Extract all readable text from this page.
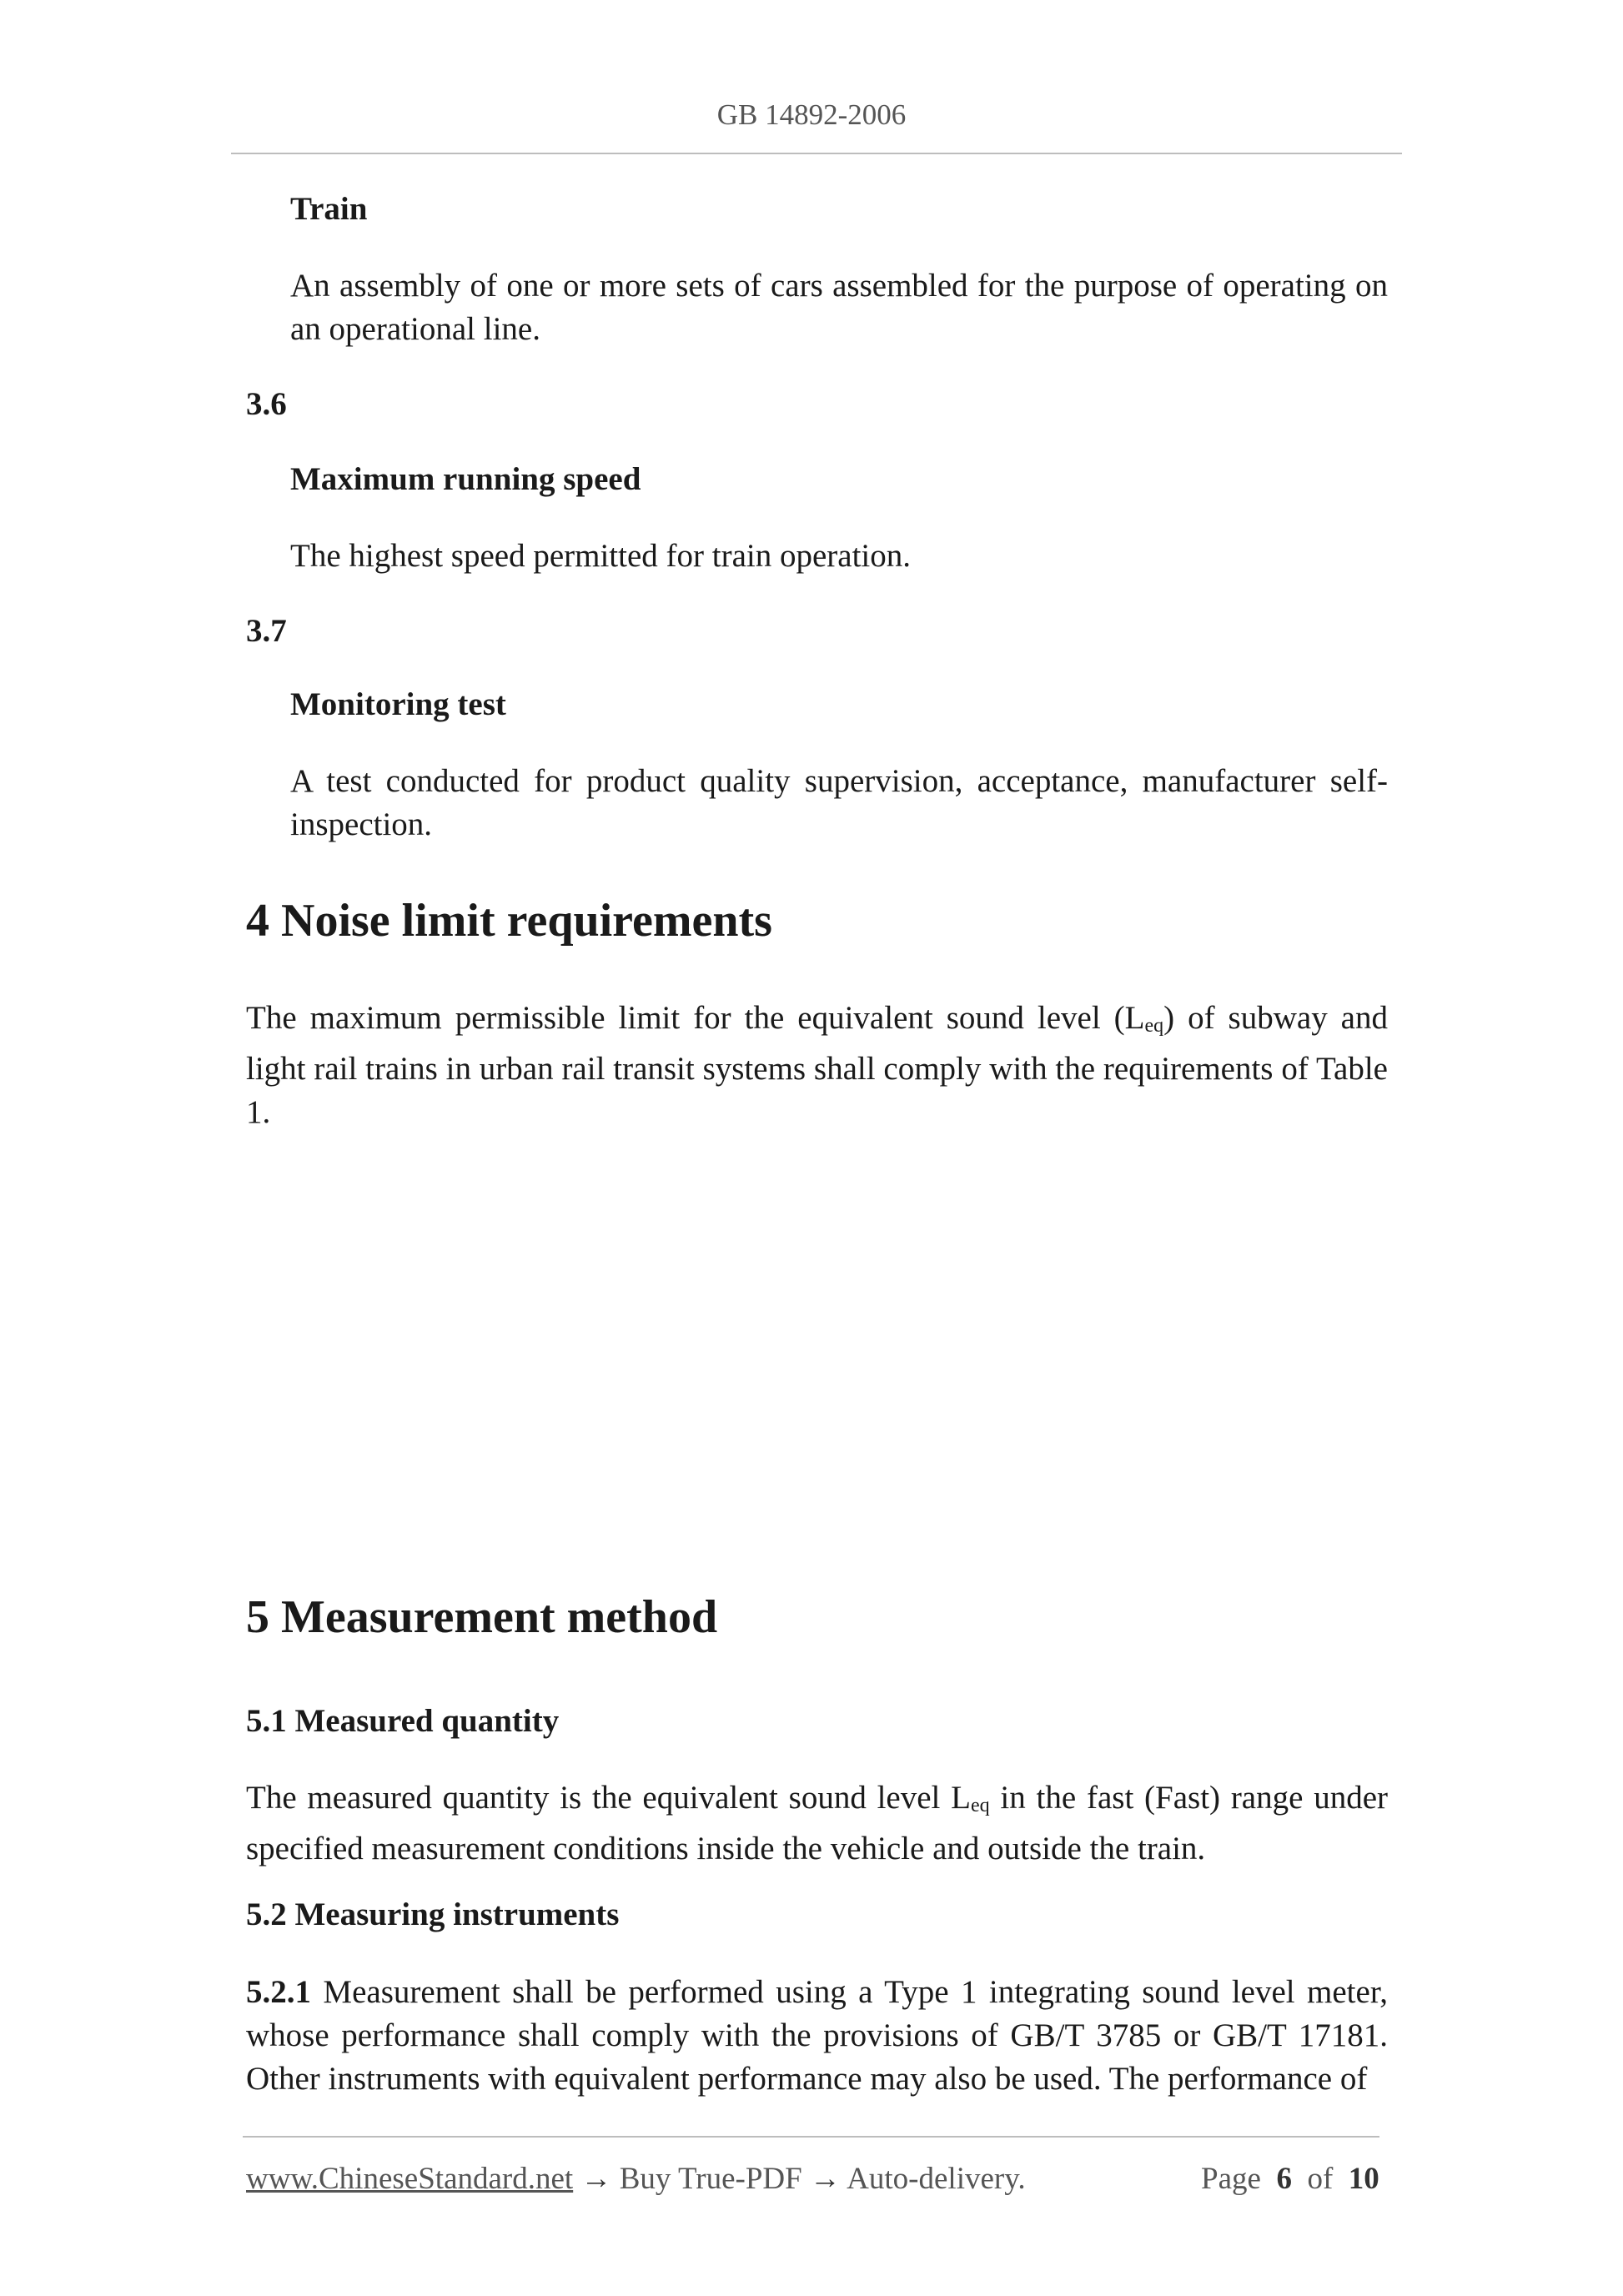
GB 14892-2006
Train
An assembly of one or more sets of cars assembled for the purpose of operating on an operational line.
3.6
Maximum running speed
The highest speed permitted for train operation.
3.7
Monitoring test
A test conducted for product quality supervision, acceptance, manufacturer self-inspection.
4 Noise limit requirements
The maximum permissible limit for the equivalent sound level (Leq) of subway and light rail trains in urban rail transit systems shall comply with the requirements of Table 1.
5 Measurement method
5.1 Measured quantity
The measured quantity is the equivalent sound level Leq in the fast (Fast) range under specified measurement conditions inside the vehicle and outside the train.
5.2 Measuring instruments
5.2.1 Measurement shall be performed using a Type 1 integrating sound level meter, whose performance shall comply with the provisions of GB/T 3785 or GB/T 17181. Other instruments with equivalent performance may also be used. The performance of
www.ChineseStandard.net → Buy True-PDF → Auto-delivery.	Page 6 of 10
